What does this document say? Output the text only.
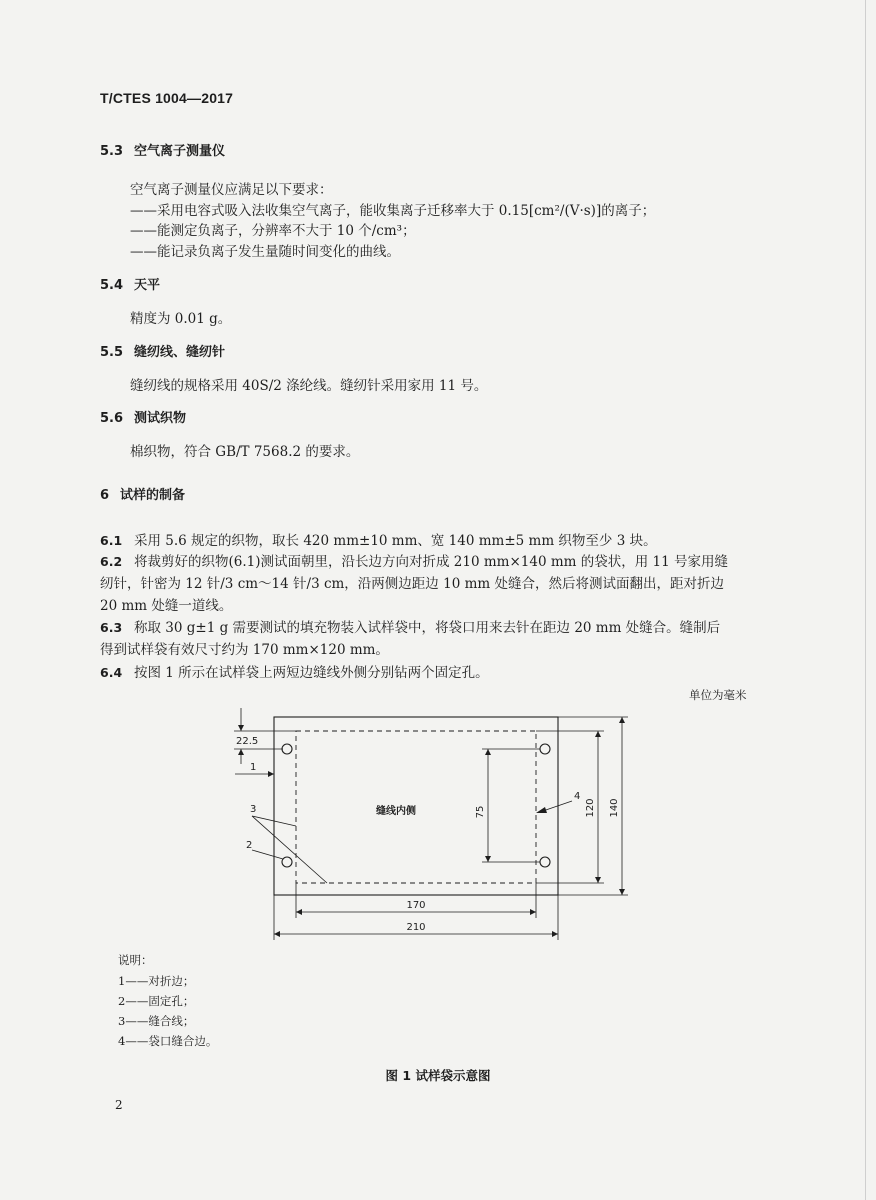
T/CTES 1004—2017
5.3 空气离子测量仪
空气离子测量仪应满足以下要求：
——采用电容式吸入法收集空气离子，能收集离子迁移率大于 0.15[cm²/(V·s)]的离子；
——能测定负离子，分辨率不大于 10 个/cm³；
——能记录负离子发生量随时间变化的曲线。
5.4 天平
精度为 0.01 g。
5.5 缝纫线、缝纫针
缝纫线的规格采用 40S/2 涤纶线。缝纫针采用家用 11 号。
5.6 测试织物
棉织物，符合 GB/T 7568.2 的要求。
6 试样的制备
6.1 采用 5.6 规定的织物，取长 420 mm±10 mm、宽 140 mm±5 mm 织物至少 3 块。
6.2 将裁剪好的织物(6.1)测试面朝里，沿长边方向对折成 210 mm×140 mm 的袋状，用 11 号家用缝
纫针，针密为 12 针/3 cm～14 针/3 cm，沿两侧边距边 10 mm 处缝合，然后将测试面翻出，距对折边
20 mm 处缝一道线。
6.3 称取 30 g±1 g 需要测试的填充物装入试样袋中，将袋口用来去针在距边 20 mm 处缝合。缝制后
得到试样袋有效尺寸约为 170 mm×120 mm。
6.4 按图 1 所示在试样袋上两短边缝线外侧分别钻两个固定孔。
单位为毫米
22.5
1
3
2
4
缝线内侧	75	120 140
170
210
说明：
1——对折边；
2——固定孔；
3——缝合线；
4——袋口缝合边。
图 1 试样袋示意图
2
